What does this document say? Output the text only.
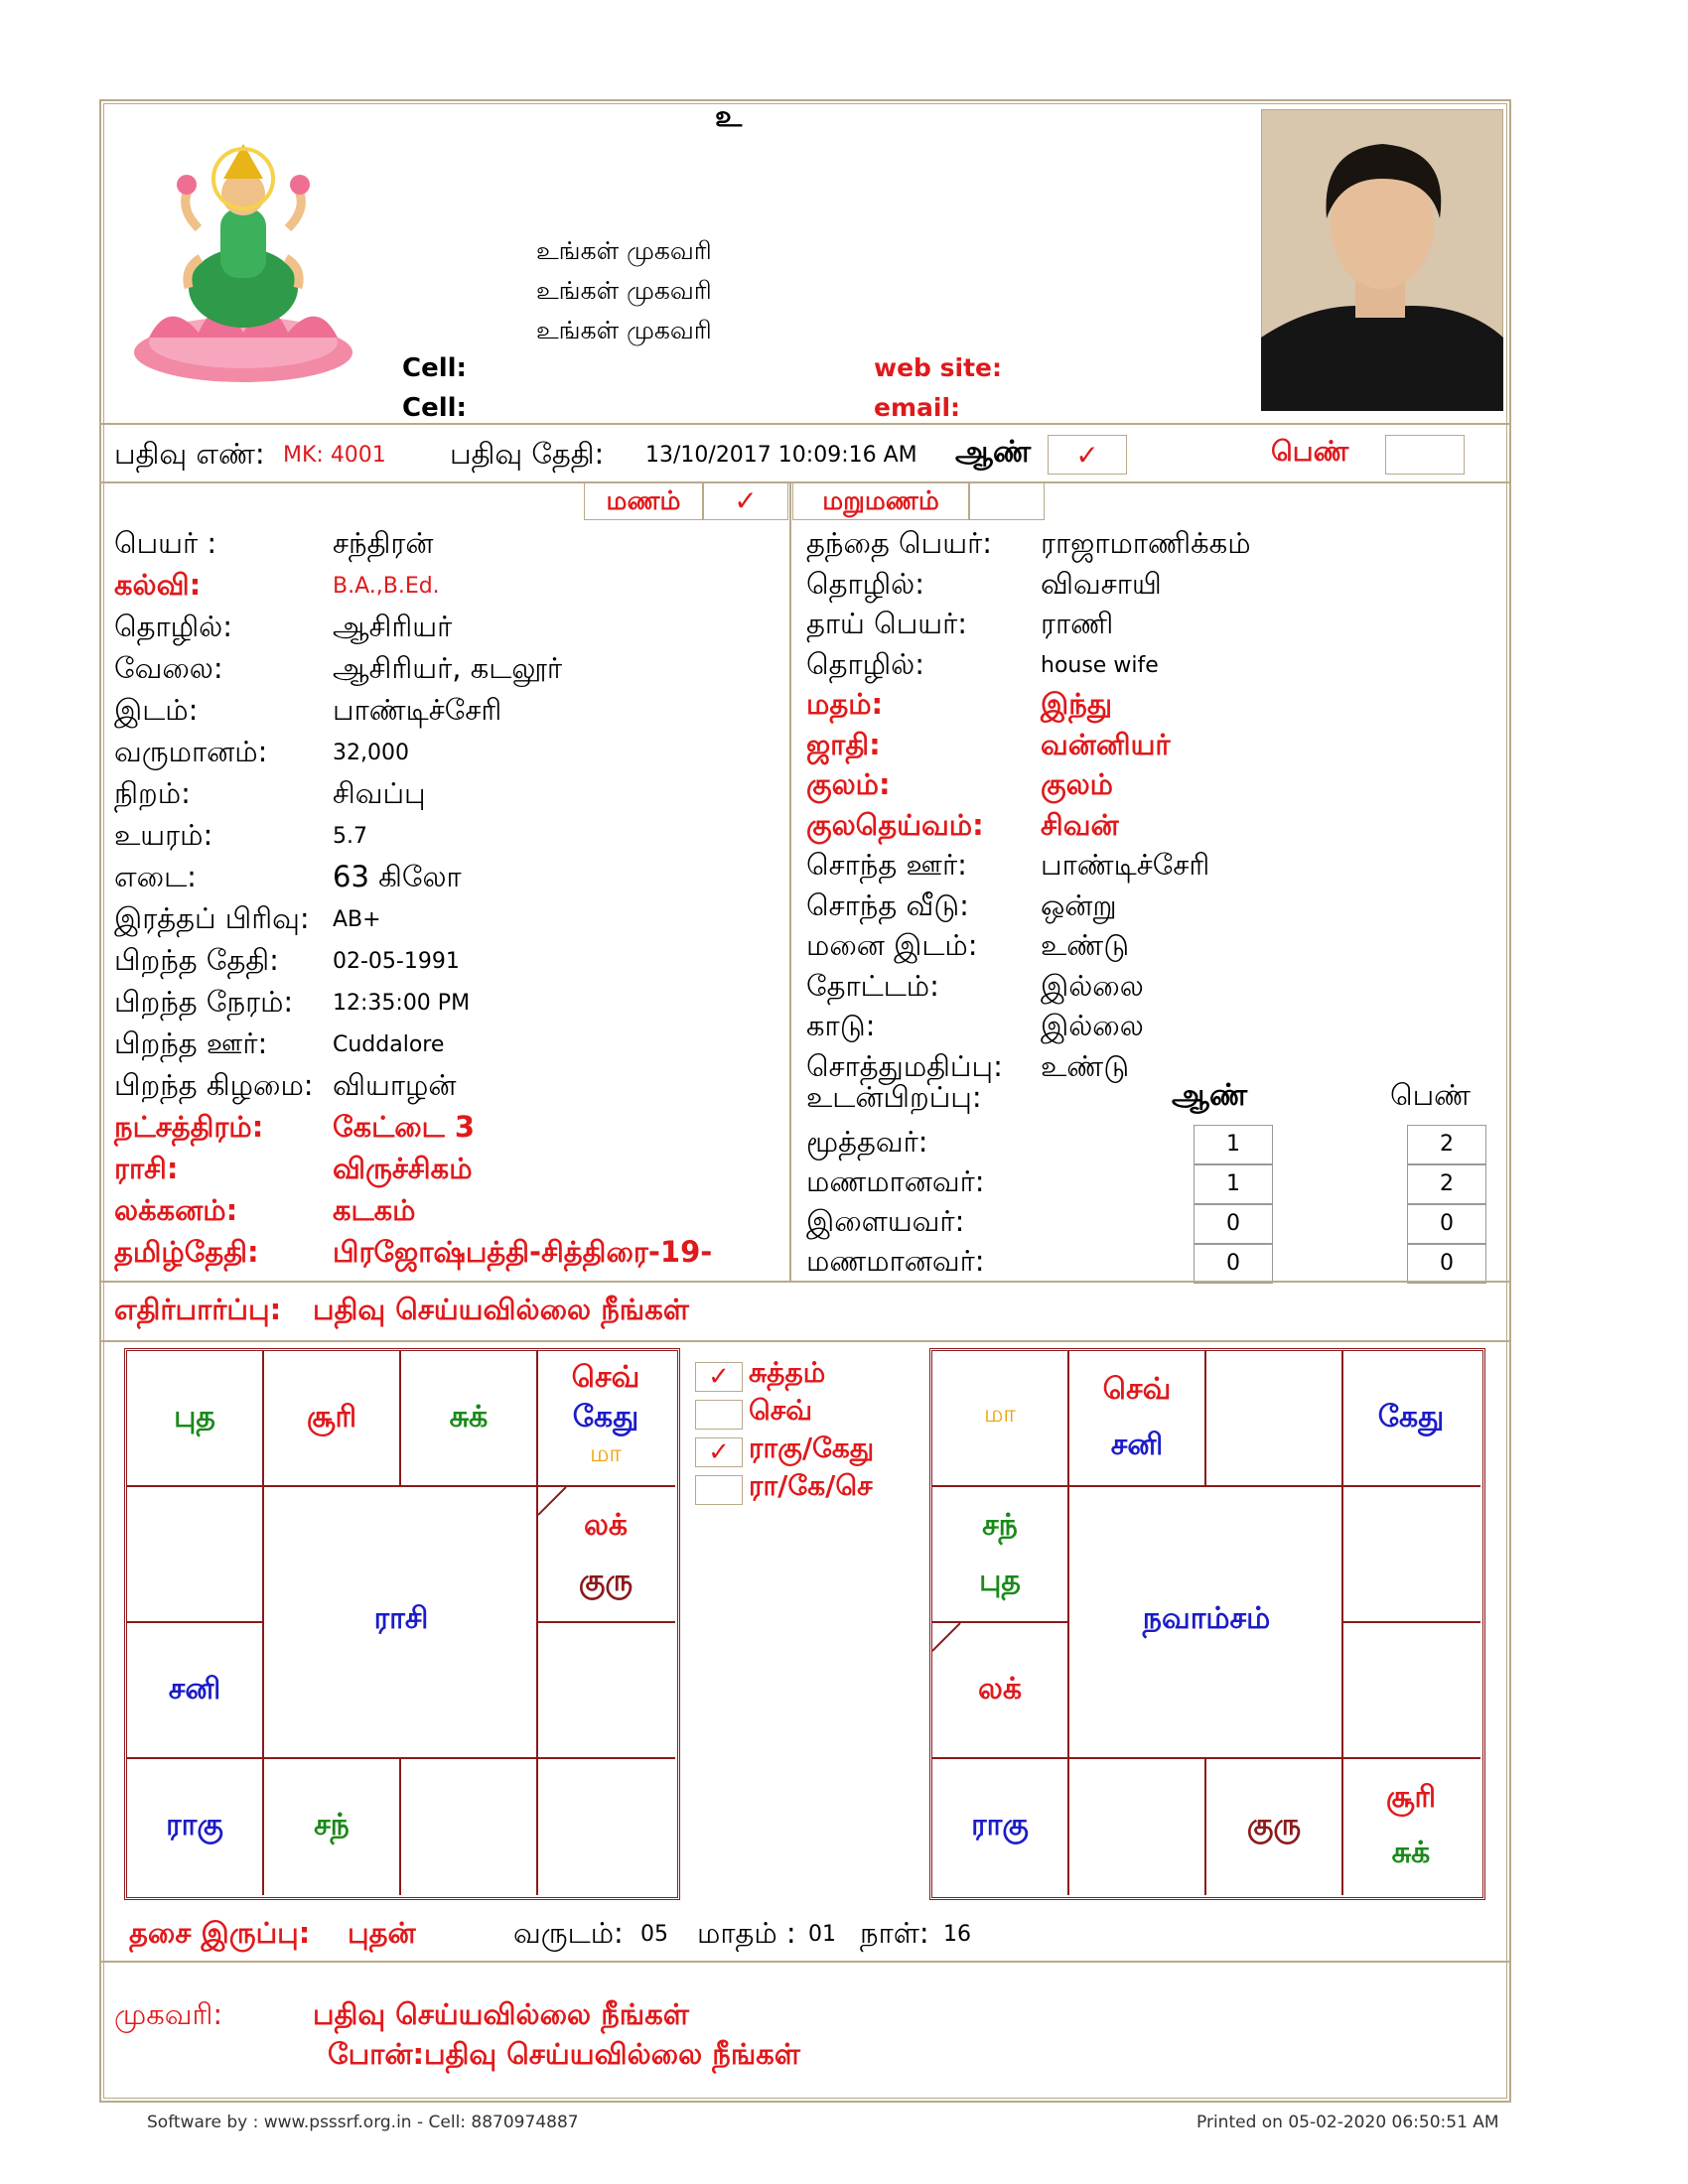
உ
உங்கள் முகவரி
உங்கள் முகவரி
உங்கள் முகவரி
Cell:
Cell:
web site:
email:
பதிவு எண்: MK: 4001 பதிவு தேதி: 13/10/2017 10:09:16 AM ஆண்	✓	பெண்
மணம்	✓	மறுமணம்
பெயர் :	சந்திரன்
கல்வி:	B.A.,B.Ed.
தொழில்:	ஆசிரியர்
வேலை:	ஆசிரியர், கடலூர்
இடம்:	பாண்டிச்சேரி
வருமானம்:	32,000
நிறம்:	சிவப்பு
உயரம்:	5.7
எடை:	63 கிலோ
இரத்தப் பிரிவு: AB+
பிறந்த தேதி: 02-05-1991
பிறந்த நேரம்: 12:35:00 PM
பிறந்த ஊர்:	Cuddalore
பிறந்த கிழமை: வியாழன்
நட்சத்திரம்: கேட்டை 3
ராசி:	விருச்சிகம்
லக்கனம்:	கடகம்
தமிழ்தேதி:	பிரஜோஷ்பத்தி-சித்திரை-19-
தந்தை பெயர்: ராஜாமாணிக்கம்
தொழில்:	விவசாயி
தாய் பெயர்:	ராணி
தொழில்:	house wife
மதம்:	இந்து
ஜாதி:	வன்னியர்
குலம்:	குலம்
குலதெய்வம்: சிவன்
சொந்த ஊர்:	பாண்டிச்சேரி
சொந்த வீடு: ஒன்று
மனை இடம்: உண்டு
தோட்டம்:	இல்லை
காடு:	இல்லை
சொத்துமதிப்பு: உண்டு
உடன்பிறப்பு:	ஆண்	பெண்
மூத்தவர்:	1	2
மணமானவர்:	1	2
இளையவர்:	0	0
மணமானவர்:	0	0
எதிர்பார்ப்பு: பதிவு செய்யவில்லை நீங்கள்
ராசி
புத	சூரி	சுக்
செவ்
கேது
மா
லக்
குரு
சனி
ராகு	சந்
நவாம்சம்
மா
செவ்
சனி
கேது
சந்
புத
லக்
ராகு	குரு
சூரி
சுக்
✓ சுத்தம்
செவ்
✓ ராகு/கேது
ரா/கே/செ
தசை இருப்பு: புதன்	வருடம்: 05 மாதம் : 01 நாள்: 16
முகவரி:	பதிவு செய்யவில்லை நீங்கள்
போன்:பதிவு செய்யவில்லை நீங்கள்
Software by : www.psssrf.org.in - Cell: 8870974887	Printed on 05-02-2020 06:50:51 AM
